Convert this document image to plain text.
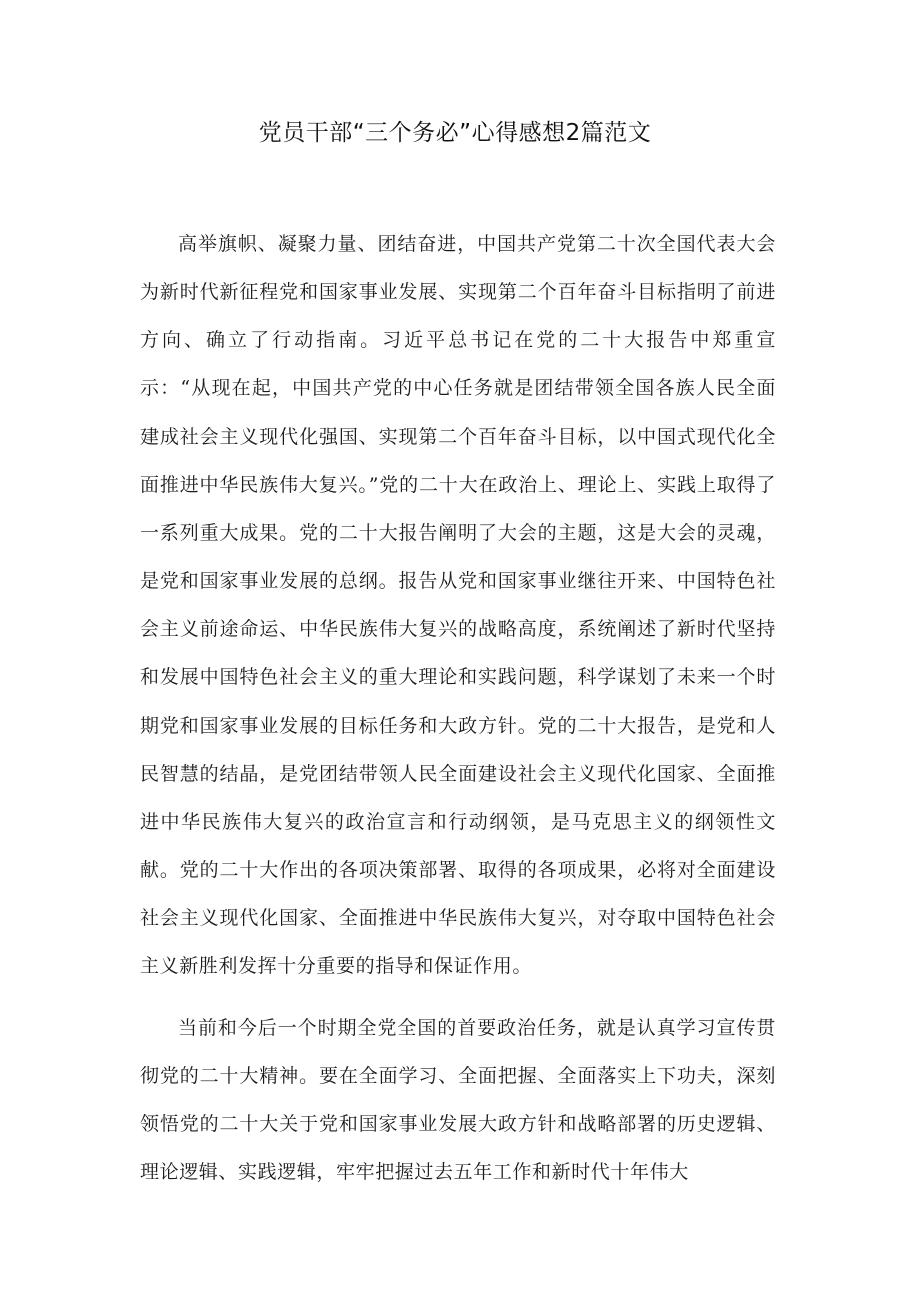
党员干部“三个务必”心得感想2篇范文

高举旗帜、凝聚力量、团结奋进，中国共产党第二十次全国代表大会为新时代新征程党和国家事业发展、实现第二个百年奋斗目标指明了前进方向、确立了行动指南。习近平总书记在党的二十大报告中郑重宣示：“从现在起，中国共产党的中心任务就是团结带领全国各族人民全面建成社会主义现代化强国、实现第二个百年奋斗目标，以中国式现代化全面推进中华民族伟大复兴。”党的二十大在政治上、理论上、实践上取得了一系列重大成果。党的二十大报告阐明了大会的主题，这是大会的灵魂，是党和国家事业发展的总纲。报告从党和国家事业继往开来、中国特色社会主义前途命运、中华民族伟大复兴的战略高度，系统阐述了新时代坚持和发展中国特色社会主义的重大理论和实践问题，科学谋划了未来一个时期党和国家事业发展的目标任务和大政方针。党的二十大报告，是党和人民智慧的结晶，是党团结带领人民全面建设社会主义现代化国家、全面推进中华民族伟大复兴的政治宣言和行动纲领，是马克思主义的纲领性文献。党的二十大作出的各项决策部署、取得的各项成果，必将对全面建设社会主义现代化国家、全面推进中华民族伟大复兴，对夺取中国特色社会主义新胜利发挥十分重要的指导和保证作用。

当前和今后一个时期全党全国的首要政治任务，就是认真学习宣传贯彻党的二十大精神。要在全面学习、全面把握、全面落实上下功夫，深刻领悟党的二十大关于党和国家事业发展大政方针和战略部署的历史逻辑、理论逻辑、实践逻辑，牢牢把握过去五年工作和新时代十年伟大
